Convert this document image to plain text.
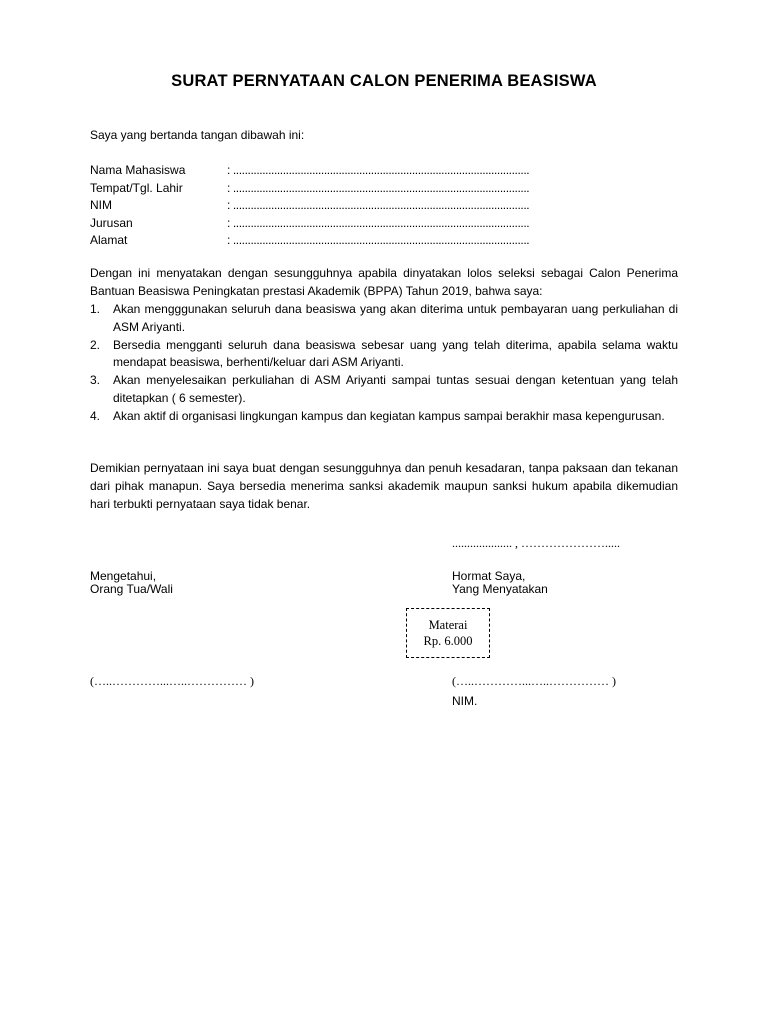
SURAT PERNYATAAN CALON PENERIMA BEASISWA
Saya yang bertanda tangan dibawah ini:
Nama Mahasiswa	: .....................................................................................................
Tempat/Tgl. Lahir	: .....................................................................................................
NIM	: .....................................................................................................
Jurusan	: .....................................................................................................
Alamat	: .....................................................................................................
Dengan ini menyatakan dengan sesungguhnya apabila dinyatakan lolos seleksi sebagai Calon Penerima Bantuan Beasiswa Peningkatan prestasi Akademik (BPPA) Tahun 2019, bahwa saya:
1. Akan mengggunakan seluruh dana beasiswa yang akan diterima untuk pembayaran uang perkuliahan di ASM Ariyanti.
2. Bersedia mengganti seluruh dana beasiswa sebesar uang yang telah diterima, apabila selama waktu mendapat beasiswa, berhenti/keluar dari ASM Ariyanti.
3. Akan menyelesaikan perkuliahan di ASM Ariyanti sampai tuntas sesuai dengan ketentuan yang telah ditetapkan ( 6 semester).
4. Akan aktif di organisasi lingkungan kampus dan kegiatan kampus sampai berakhir masa kepengurusan.
Demikian pernyataan ini saya buat dengan sesungguhnya dan penuh kesadaran, tanpa paksaan dan tekanan dari pihak manapun. Saya bersedia menerima sanksi akademik maupun sanksi hukum apabila dikemudian hari terbukti pernyataan saya tidak benar.
.................... , ………………….....
Mengetahui,
Orang Tua/Wali
Hormat Saya,
Yang Menyatakan
Materai
Rp. 6.000
(…..…………...…..…………… )	(…..…………...…..…………… )
NIM.
